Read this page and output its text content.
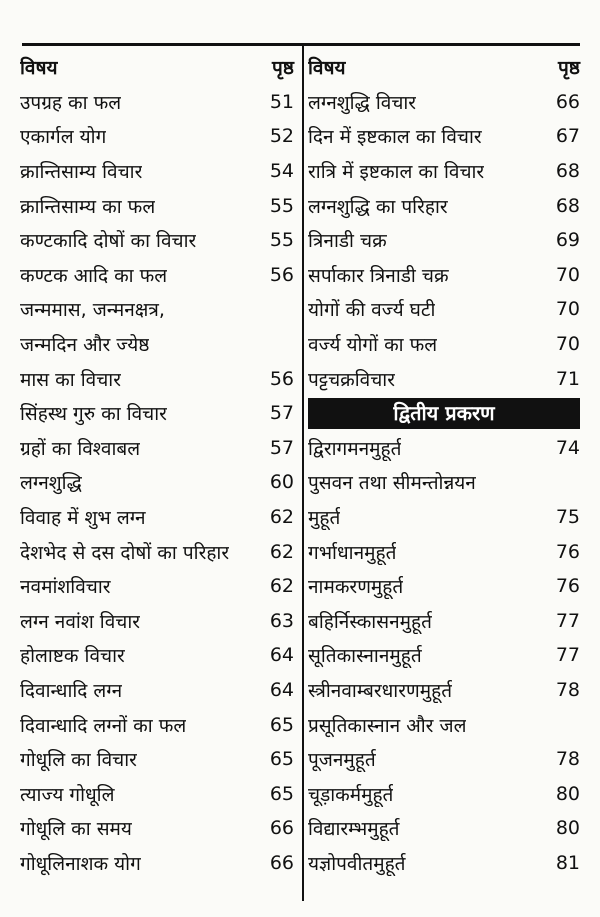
विषय	पृष्ठ
उपग्रह का फल	51
एकार्गल योग	52
क्रान्तिसाम्य विचार	54
क्रान्तिसाम्य का फल	55
कण्टकादि दोषों का विचार	55
कण्टक आदि का फल	56
जन्ममास, जन्मनक्षत्र,
जन्मदिन और ज्येष्ठ
मास का विचार	56
सिंहस्थ गुरु का विचार	57
ग्रहों का विश्वाबल	57
लग्नशुद्धि	60
विवाह में शुभ लग्न	62
देशभेद से दस दोषों का परिहार	62
नवमांशविचार	62
लग्न नवांश विचार	63
होलाष्टक विचार	64
दिवान्धादि लग्न	64
दिवान्धादि लग्नों का फल	65
गोधूलि का विचार	65
त्याज्य गोधूलि	65
गोधूलि का समय	66
गोधूलिनाशक योग	66
विषय	पृष्ठ
लग्नशुद्धि विचार	66
दिन में इष्टकाल का विचार	67
रात्रि में इष्टकाल का विचार	68
लग्नशुद्धि का परिहार	68
त्रिनाडी चक्र	69
सर्पाकार त्रिनाडी चक्र	70
योगों की वर्ज्य घटी	70
वर्ज्य योगों का फल	70
पट्टचक्रविचार	71
द्वितीय प्रकरण
द्विरागमनमुहूर्त	74
पुसवन तथा सीमन्तोन्नयन
मुहूर्त	75
गर्भाधानमुहूर्त	76
नामकरणमुहूर्त	76
बहिर्निस्कासनमुहूर्त	77
सूतिकास्नानमुहूर्त	77
स्त्रीनवाम्बरधारणमुहूर्त	78
प्रसूतिकास्नान और जल
पूजनमुहूर्त	78
चूड़ाकर्ममुहूर्त	80
विद्यारम्भमुहूर्त	80
यज्ञोपवीतमुहूर्त	81
